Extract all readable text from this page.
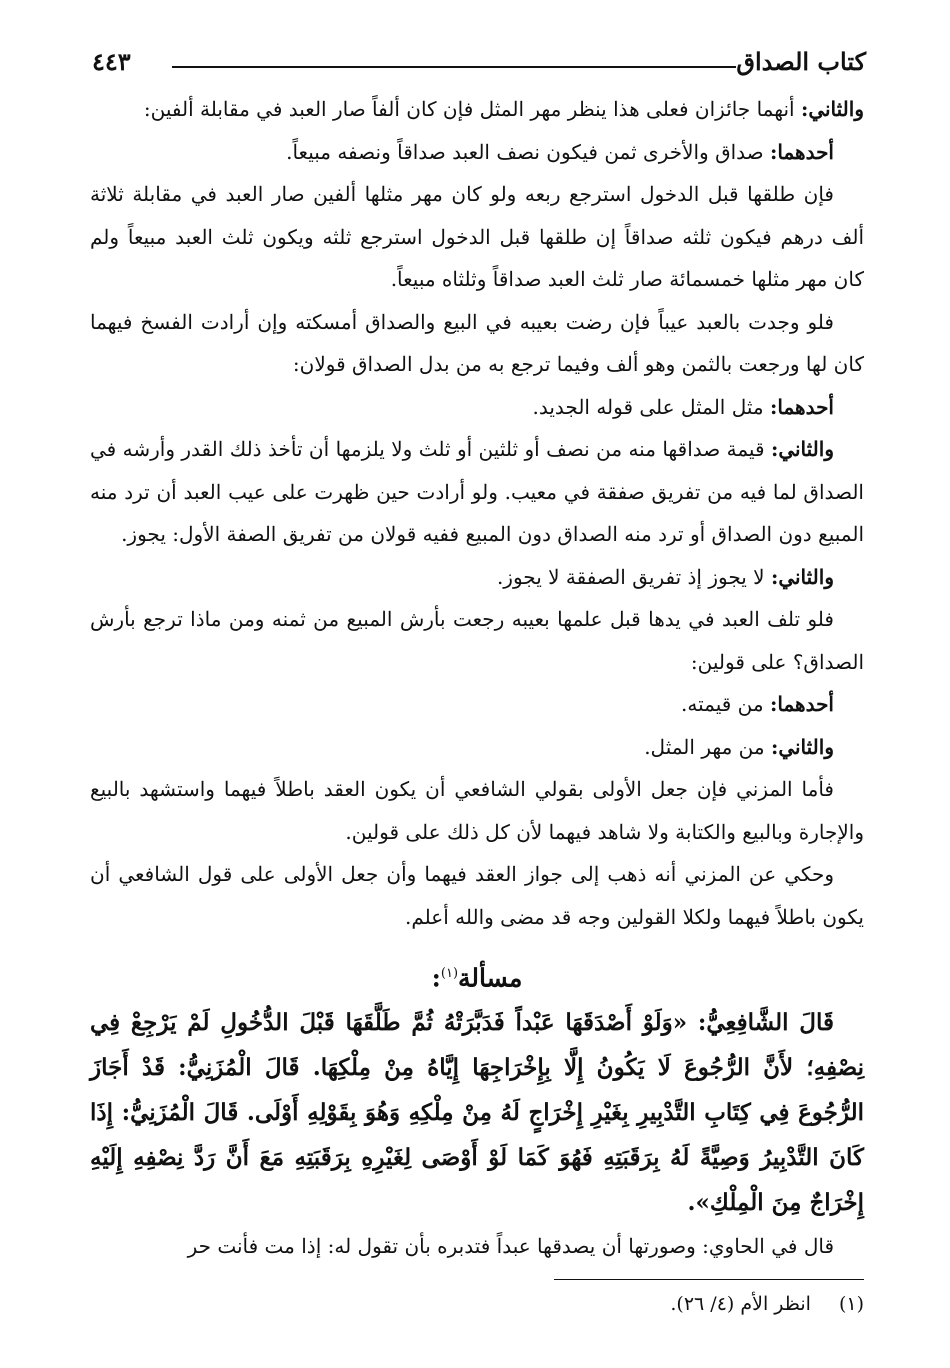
كتاب الصداق
٤٤٣

والثاني: أنهما جائزان فعلى هذا ينظر مهر المثل فإن كان ألفاً صار العبد في مقابلة ألفين:

أحدهما: صداق والأخرى ثمن فيكون نصف العبد صداقاً ونصفه مبيعاً.

فإن طلقها قبل الدخول استرجع ربعه ولو كان مهر مثلها ألفين صار العبد في مقابلة ثلاثة ألف درهم فيكون ثلثه صداقاً إن طلقها قبل الدخول استرجع ثلثه ويكون ثلث العبد مبيعاً ولم كان مهر مثلها خمسمائة صار ثلث العبد صداقاً وثلثاه مبيعاً.

فلو وجدت بالعبد عيباً فإن رضت بعيبه في البيع والصداق أمسكته وإن أرادت الفسخ فيهما كان لها ورجعت بالثمن وهو ألف وفيما ترجع به من بدل الصداق قولان:

أحدهما: مثل المثل على قوله الجديد.

والثاني: قيمة صداقها منه من نصف أو ثلثين أو ثلث ولا يلزمها أن تأخذ ذلك القدر وأرشه في الصداق لما فيه من تفريق صفقة في معيب. ولو أرادت حين ظهرت على عيب العبد أن ترد منه المبيع دون الصداق أو ترد منه الصداق دون المبيع ففيه قولان من تفريق الصفة الأول: يجوز.

والثاني: لا يجوز إذ تفريق الصفقة لا يجوز.

فلو تلف العبد في يدها قبل علمها بعيبه رجعت بأرش المبيع من ثمنه ومن ماذا ترجع بأرش الصداق؟ على قولين:

أحدهما: من قيمته.

والثاني: من مهر المثل.

فأما المزني فإن جعل الأولى بقولي الشافعي أن يكون العقد باطلاً فيهما واستشهد بالبيع والإجارة وبالبيع والكتابة ولا شاهد فيهما لأن كل ذلك على قولين.

وحكي عن المزني أنه ذهب إلى جواز العقد فيهما وأن جعل الأولى على قول الشافعي أن يكون باطلاً فيهما ولكلا القولين وجه قد مضى والله أعلم.

مسألة$^{(١)}$:

قَالَ الشَّافِعِيُّ: «وَلَوْ أَصْدَقَهَا عَبْداً فَدَبَّرَتْهُ ثُمَّ طَلَّقَهَا قَبْلَ الدُّخُولِ لَمْ يَرْجِعْ فِي نِصْفِهِ؛ لأَنَّ الرُّجُوعَ لَا يَكُونُ إِلَّا بِإِخْرَاجِهَا إِيَّاهُ مِنْ مِلْكِهَا. قَالَ الْمُزَنِيُّ: قَدْ أَجَازَ الرُّجُوعَ فِي كِتَابِ التَّدْبِيرِ بِغَيْرِ إِخْرَاجٍ لَهُ مِنْ مِلْكِهِ وَهُوَ بِقَوْلِهِ أَوْلَى. قَالَ الْمُزَنِيُّ: إِذَا كَانَ التَّدْبِيرُ وَصِيَّةً لَهُ بِرَقَبَتِهِ فَهُوَ كَمَا لَوْ أَوْصَى لِغَيْرِهِ بِرَقَبَتِهِ مَعَ أَنَّ رَدَّ نِصْفِهِ إِلَيْهِ إِخْرَاجٌ مِنَ الْمِلْكِ».

قال في الحاوي: وصورتها أن يصدقها عبداً فتدبره بأن تقول له: إذا مت فأنت حر

(١)انظر الأم (٤/ ٢٦).
